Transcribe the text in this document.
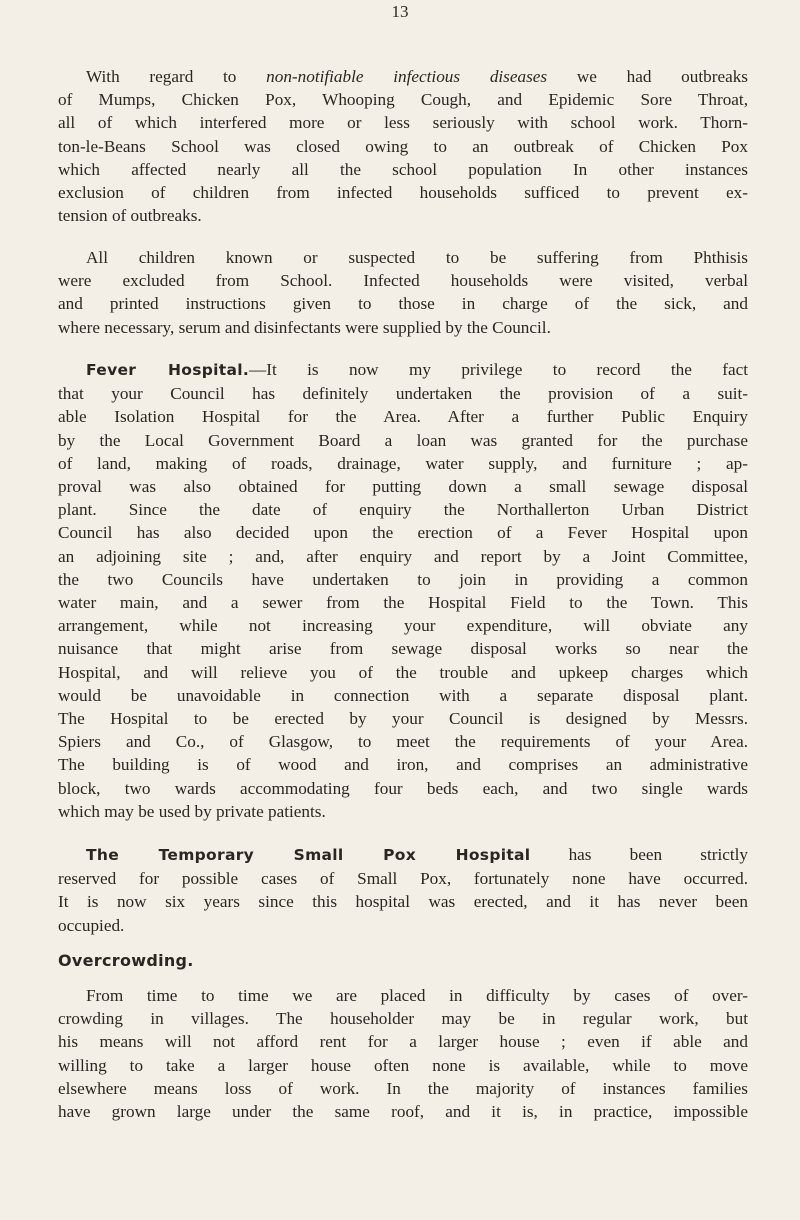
13
With regard to non-notifiable infectious diseases we had outbreaks
of Mumps, Chicken Pox, Whooping Cough, and Epidemic Sore Throat,
all of which interfered more or less seriously with school work. Thorn-
ton-le-Beans School was closed owing to an outbreak of Chicken Pox
which affected nearly all the school population In other instances
exclusion of children from infected households sufficed to prevent ex-
tension of outbreaks.
All children known or suspected to be suffering from Phthisis
were excluded from School. Infected households were visited, verbal
and printed instructions given to those in charge of the sick, and
where necessary, serum and disinfectants were supplied by the Council.
Fever Hospital.—It is now my privilege to record the fact
that your Council has definitely undertaken the provision of a suit-
able Isolation Hospital for the Area. After a further Public Enquiry
by the Local Government Board a loan was granted for the purchase
of land, making of roads, drainage, water supply, and furniture ; ap-
proval was also obtained for putting down a small sewage disposal
plant. Since the date of enquiry the Northallerton Urban District
Council has also decided upon the erection of a Fever Hospital upon
an adjoining site ; and, after enquiry and report by a Joint Committee,
the two Councils have undertaken to join in providing a common
water main, and a sewer from the Hospital Field to the Town. This
arrangement, while not increasing your expenditure, will obviate any
nuisance that might arise from sewage disposal works so near the
Hospital, and will relieve you of the trouble and upkeep charges which
would be unavoidable in connection with a separate disposal plant.
The Hospital to be erected by your Council is designed by Messrs.
Spiers and Co., of Glasgow, to meet the requirements of your Area.
The building is of wood and iron, and comprises an administrative
block, two wards accommodating four beds each, and two single wards
which may be used by private patients.
The Temporary Small Pox Hospital has been strictly
reserved for possible cases of Small Pox, fortunately none have occurred.
It is now six years since this hospital was erected, and it has never been
occupied.
Overcrowding.
From time to time we are placed in difficulty by cases of over-
crowding in villages. The householder may be in regular work, but
his means will not afford rent for a larger house ; even if able and
willing to take a larger house often none is available, while to move
elsewhere means loss of work. In the majority of instances families
have grown large under the same roof, and it is, in practice, impossible
